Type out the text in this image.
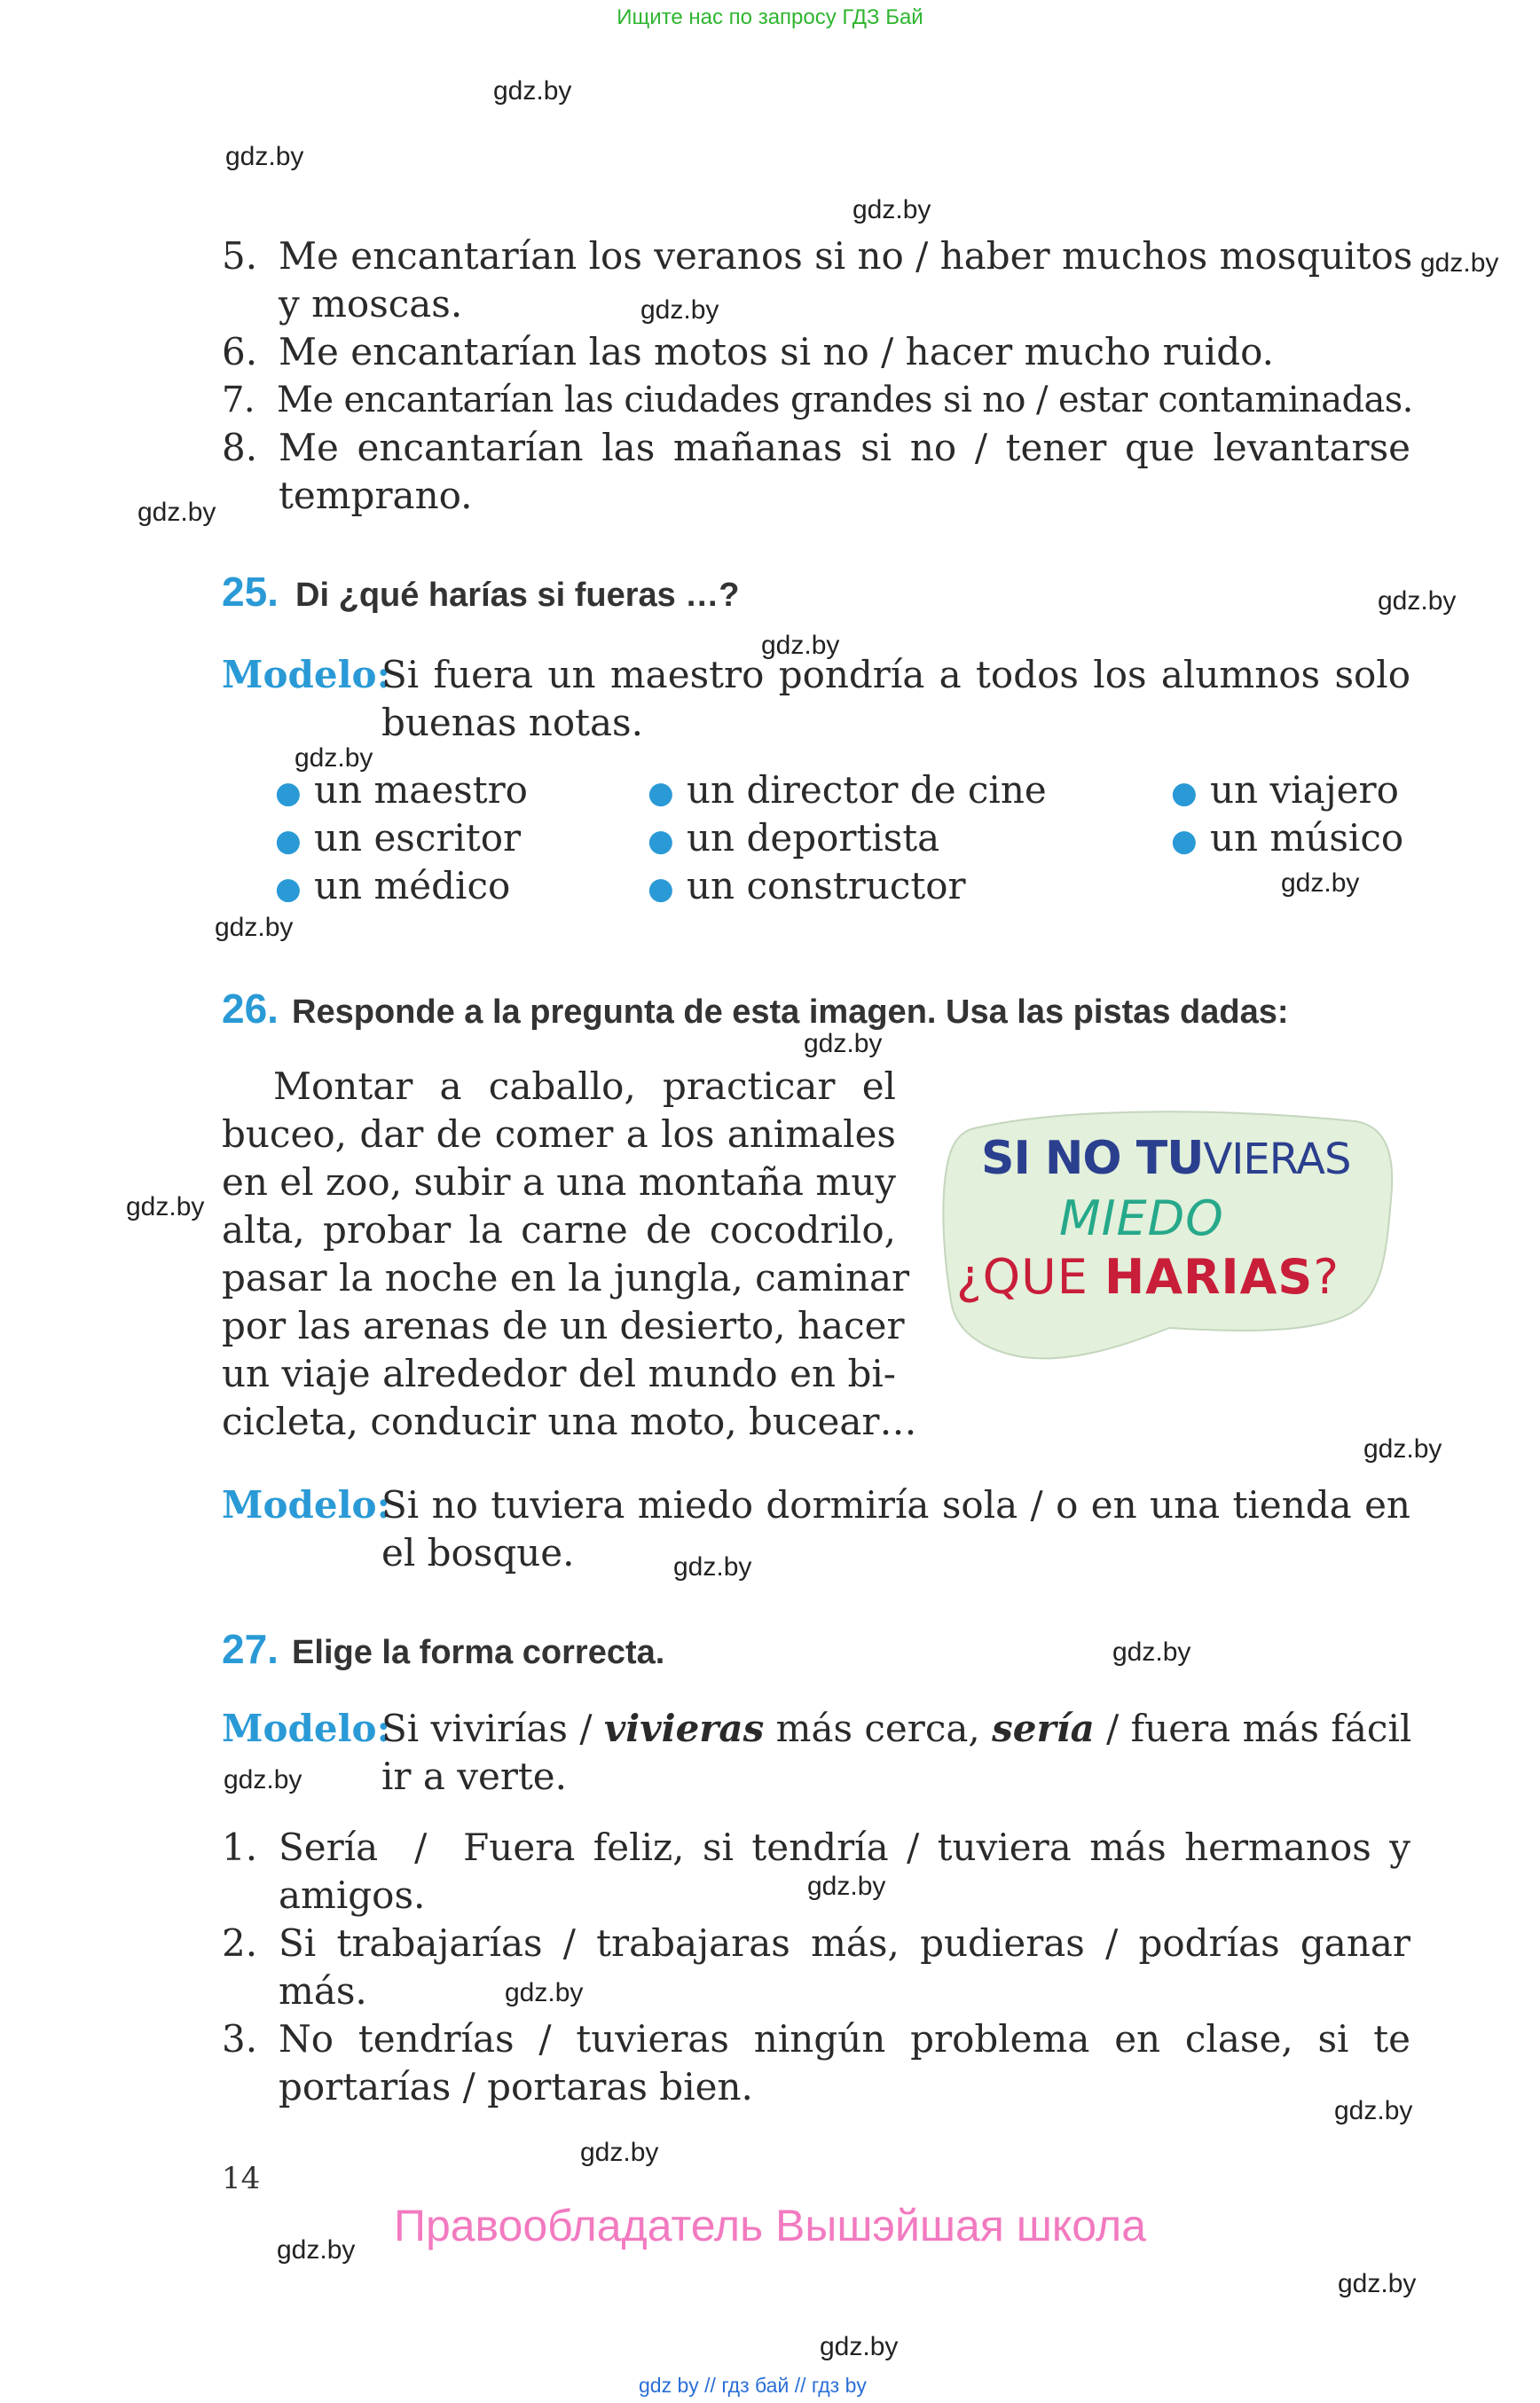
Ищите нас по запросу ГДЗ Бай
gdz.by
gdz.by
gdz.by
gdz.by
gdz.by
gdz.by
gdz.by
gdz.by
gdz.by
gdz.by
gdz.by
gdz.by
gdz.by
gdz.by
gdz.by
gdz.by
gdz.by
gdz.by
gdz.by
gdz.by
gdz.by
gdz.by
gdz.by
gdz.by
5. Me encantarían los veranos si no / haber muchos mosquitos
y moscas.
6. Me encantarían las motos si no / hacer mucho ruido.
7. Me encantarían las ciudades grandes si no / estar contaminadas.
8. Me encantarían las mañanas si no / tener que levantarse
temprano.
25. Di ¿qué harías si fueras …?
Modelo:
Si fuera un maestro pondría a todos los alumnos solo
buenas notas.
● un maestro	● un director de cine	● un viajero
● un escritor	● un deportista	● un músico
● un médico	● un constructor
26. Responde a la pregunta de esta imagen. Usa las pistas dadas:
Montar a caballo, practicar el
buceo, dar de comer a los animales
en el zoo, subir a una montaña muy
alta, probar la carne de cocodrilo,
pasar la noche en la jungla, caminar
por las arenas de un desierto, hacer
un viaje alrededor del mundo en bi-
cicleta, conducir una moto, bucear…
SI NO TUVIERAS
MIEDO
¿QUE HARIAS?
Modelo:
Si no tuviera miedo dormiría sola / o en una tienda en
el bosque.
27. Elige la forma correcta.
Modelo:
Si vivirías / vivieras más cerca, sería / fuera más fácil
ir a verte.
1. Sería  /  Fuera feliz, si tendría / tuviera más hermanos y
amigos.
2. Si trabajarías / trabajaras más, pudieras / podrías ganar
más.
3. No tendrías / tuvieras ningún problema en clase, si te
portarías / portaras bien.
14
Правообладатель Вышэйшая школа
gdz by // гдз бай // гдз by
